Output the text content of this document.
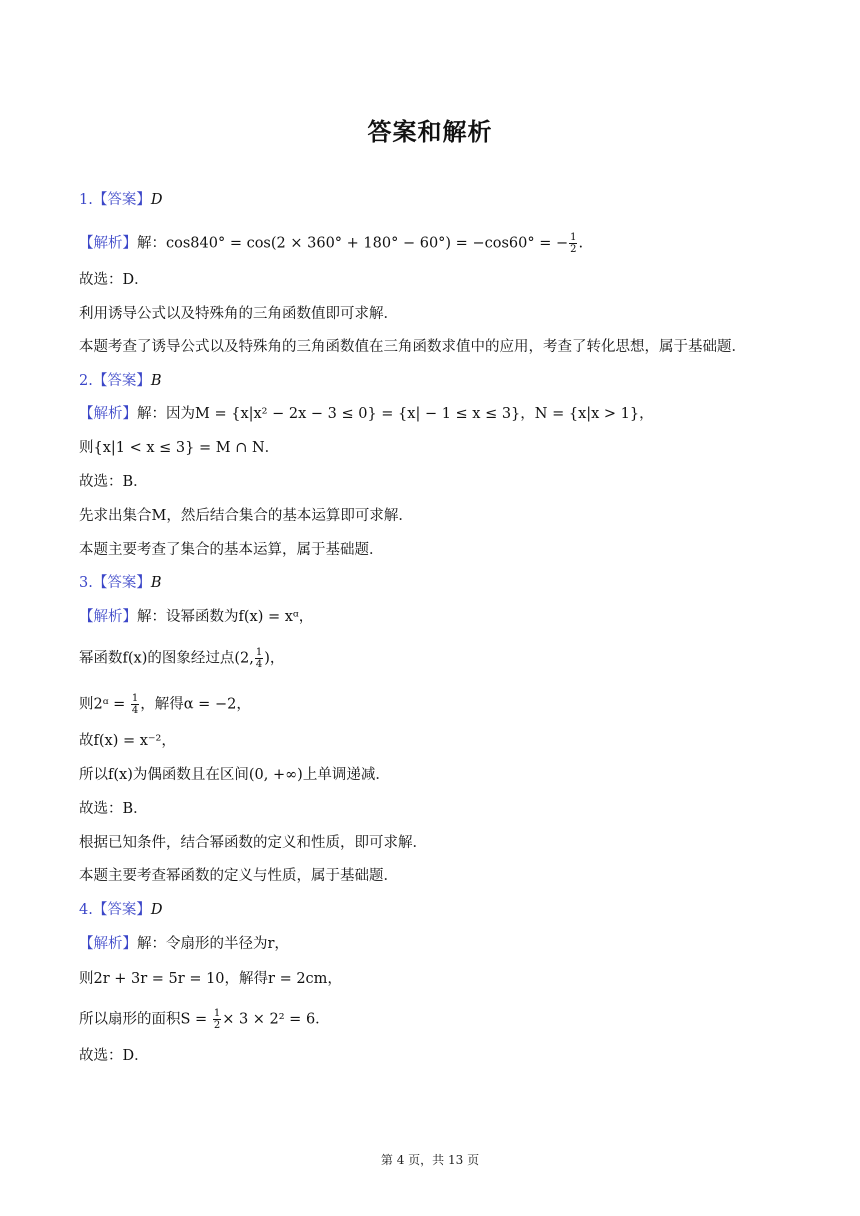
答案和解析
1.【答案】D
【解析】解：cos840° = cos(2 × 360° + 180° − 60°) = −cos60° = − $\frac{1}{2}$ .
故选：D．
利用诱导公式以及特殊角的三角函数值即可求解．
本题考查了诱导公式以及特殊角的三角函数值在三角函数求值中的应用，考查了转化思想，属于基础题．
2.【答案】B
【解析】解：因为M = {x|x² − 2x − 3 ≤ 0} = {x| − 1 ≤ x ≤ 3}，N = {x|x > 1}，
则{x|1 < x ≤ 3} = M ∩ N．
故选：B．
先求出集合M，然后结合集合的基本运算即可求解．
本题主要考查了集合的基本运算，属于基础题．
3.【答案】B
【解析】解：设幂函数为f(x) = xᵅ，
幂函数f(x)的图象经过点(2, $\frac{1}{4}$ )，
则2ᵅ = $\frac{1}{4}$ ，解得α = −2，
故f(x) = x⁻²，
所以f(x)为偶函数且在区间(0, +∞)上单调递减．
故选：B．
根据已知条件，结合幂函数的定义和性质，即可求解．
本题主要考查幂函数的定义与性质，属于基础题．
4.【答案】D
【解析】解：令扇形的半径为r，
则2r + 3r = 5r = 10，解得r = 2cm，
所以扇形的面积$S = \frac{1}{2} \times 3 \times 2^2 = 6$．
故选：D．
第 4 页，共 13 页
